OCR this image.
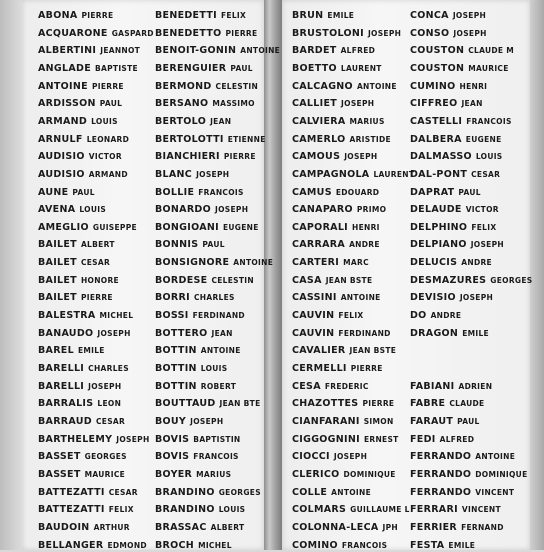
ABONA PIERRE
ACQUARONE GASPARD
ALBERTINI JEANNOT
ANGLADE BAPTISTE
ANTOINE PIERRE
ARDISSON PAUL
ARMAND LOUIS
ARNULF LEONARD
AUDISIO VICTOR
AUDISIO ARMAND
AUNE PAUL
AVENA LOUIS
AMEGLIO GUISEPPE
BAILET ALBERT
BAILET CESAR
BAILET HONORE
BAILET PIERRE
BALESTRA MICHEL
BANAUDO JOSEPH
BAREL EMILE
BARELLI CHARLES
BARELLI JOSEPH
BARRALIS LEON
BARRAUD CESAR
BARTHELEMY JOSEPH
BASSET GEORGES
BASSET MAURICE
BATTEZATTI CESAR
BATTEZATTI FELIX
BAUDOIN ARTHUR
BELLANGER EDMOND
BENEDETTI FELIX
BENEDETTO PIERRE
BENOIT-GONIN ANTOINE
BERENGUIER PAUL
BERMOND CELESTIN
BERSANO MASSIMO
BERTOLO JEAN
BERTOLOTTI ETIENNE
BIANCHIERI PIERRE
BLANC JOSEPH
BOLLIE FRANCOIS
BONARDO JOSEPH
BONGIOANI EUGENE
BONNIS PAUL
BONSIGNORE ANTOINE
BORDESE CELESTIN
BORRI CHARLES
BOSSI FERDINAND
BOTTERO JEAN
BOTTIN ANTOINE
BOTTIN LOUIS
BOTTIN ROBERT
BOUTTAUD JEAN BTE
BOUY JOSEPH
BOVIS BAPTISTIN
BOVIS FRANCOIS
BOYER MARIUS
BRANDINO GEORGES
BRANDINO LOUIS
BRASSAC ALBERT
BROCH MICHEL
BRUN EMILE
BRUSTOLONI JOSEPH
BARDET ALFRED
BOETTO LAURENT
CALCAGNO ANTOINE
CALLIET JOSEPH
CALVIERA MARIUS
CAMERLO ARISTIDE
CAMOUS JOSEPH
CAMPAGNOLA LAURENT
CAMUS EDOUARD
CANAPARO PRIMO
CAPORALI HENRI
CARRARA ANDRE
CARTERI MARC
CASA JEAN BSTE
CASSINI ANTOINE
CAUVIN FELIX
CAUVIN FERDINAND
CAVALIER JEAN BSTE
CERMELLI PIERRE
CESA FREDERIC
CHAZOTTES PIERRE
CIANFARANI SIMON
CIGGOGNINI ERNEST
CIOCCI JOSEPH
CLERICO DOMINIQUE
COLLE ANTOINE
COLMARS GUILLAUME L
COLONNA-LECA JPH
COMINO FRANCOIS
CONCA JOSEPH
CONSO JOSEPH
COUSTON CLAUDE M
COUSTON MAURICE
CUMINO HENRI
CIFFREO JEAN
CASTELLI FRANCOIS
DALBERA EUGENE
DALMASSO LOUIS
DAL-PONT CESAR
DAPRAT PAUL
DELAUDE VICTOR
DELPHINO FELIX
DELPIANO JOSEPH
DELUCIS ANDRE
DESMAZURES GEORGES
DEVISIO JOSEPH
DO ANDRE
DRAGON EMILE
FABIANI ADRIEN
FABRE CLAUDE
FARAUT PAUL
FEDI ALFRED
FERRANDO ANTOINE
FERRANDO DOMINIQUE
FERRANDO VINCENT
FERRARI VINCENT
FERRIER FERNAND
FESTA EMILE
